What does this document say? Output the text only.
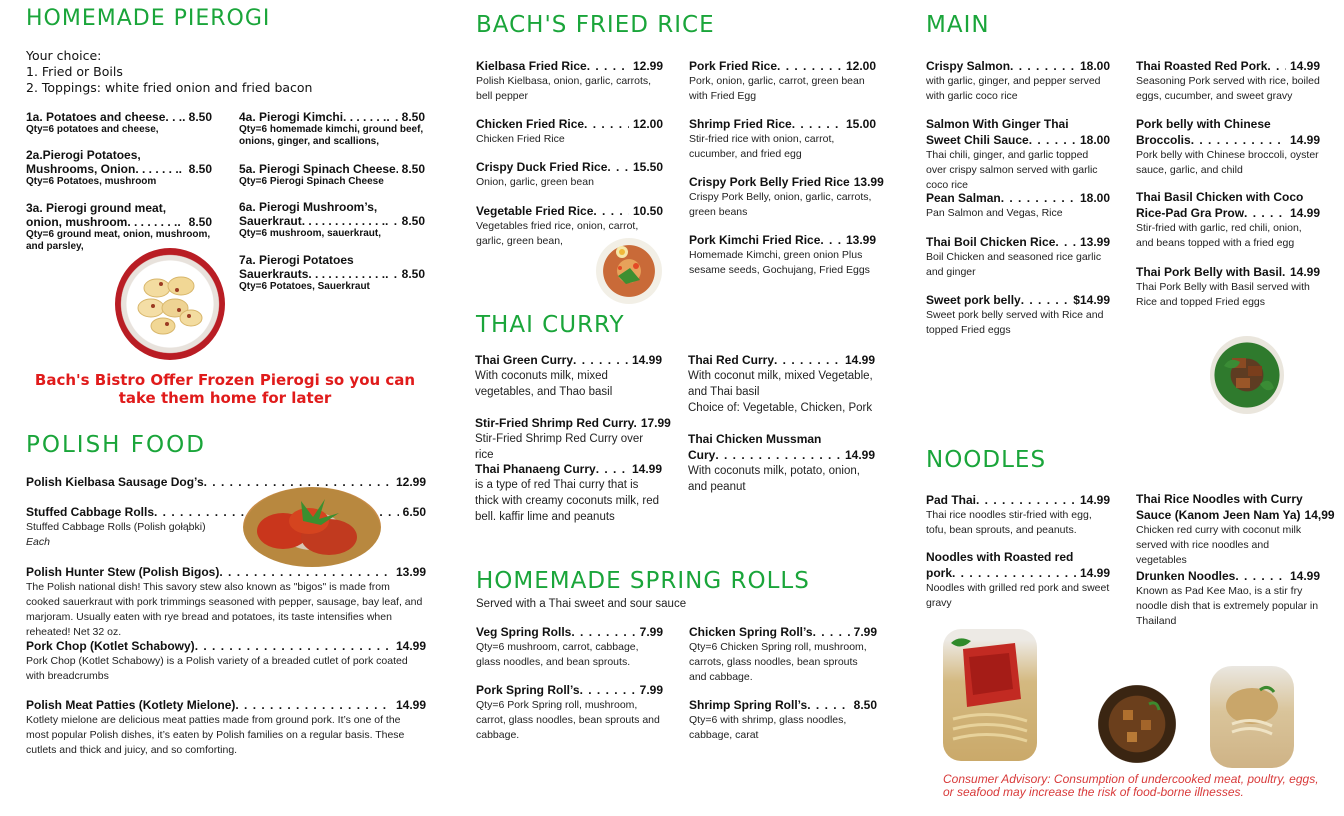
HOMEMADE PIEROGI
Your choice:
1. Fried or Boils
2. Toppings: white fried onion and fried bacon
1a. Potatoes and cheese. . . . . . 8.50
Qty=6 potatoes and cheese,
2a.Pierogi Potatoes,
Mushrooms, Onion. . . . . . . . . . 8.50
Qty=6 Potatoes, mushroom
3a. Pierogi ground meat,
onion, mushroom. . . . . . . . . . . 8.50
Qty=6 ground meat, onion, mushroom, and parsley,
4a. Pierogi Kimchi. . . . . . . . . .	8.50
Qty=6 homemade kimchi, ground beef, onions, ginger, and scallions,
5a. Pierogi Spinach Cheese . . . 8.50
Qty=6 Pierogi Spinach Cheese
6a. Pierogi Mushroom’s,
Sauerkraut. . . . . . . . . . . . . . . .	8.50
Qty=6 mushroom, sauerkraut,
7a. Pierogi Potatoes
Sauerkrauts. . . . . . . . . . . . . . .	8.50
Qty=6 Potatoes, Sauerkraut
Bach's Bistro Offer Frozen Pierogi so you can take them home for later
POLISH FOOD
Polish Kielbasa Sausage Dog’s . . .	12.99
Stuffed Cabbage Rolls . . .	6.50
Stuffed Cabbage Rolls (Polish gołąbki)
Each
Polish Hunter Stew (Polish Bigos) . . .	13.99
The Polish national dish! This savory stew also known as "bigos" is made from cooked sauerkraut with pork trimmings seasoned with pepper, sausage, bay leaf, and marjoram. Usually eaten with rye bread and potatoes, its taste intensifies when reheated! Net 32 oz.
Pork Chop (Kotlet Schabowy) . . .	14.99
Pork Chop (Kotlet Schabowy) is a Polish variety of a breaded cutlet of pork coated with breadcrumbs
Polish Meat Patties (Kotlety Mielone) . . .	14.99
Kotlety mielone are delicious meat patties made from ground pork. It’s one of the most popular Polish dishes, it’s eaten by Polish families on a regular basis. These cutlets and thick and juicy, and so comforting.
BACH'S FRIED RICE
Kielbasa Fried Rice . . .	12.99
Polish Kielbasa, onion, garlic, carrots, bell pepper
Chicken Fried Rice . . .	12.00
Chicken Fried Rice
Crispy Duck Fried Rice . . .	15.50
Onion, garlic, green bean
Vegetable Fried Rice . . .	10.50
Vegetables fried rice, onion, carrot, garlic, green bean,
Pork Fried Rice . . .	12.00
Pork, onion, garlic, carrot, green bean with Fried Egg
Shrimp Fried Rice . . .	15.00
Stir-fried rice with onion, carrot, cucumber, and fried egg
Crispy Pork Belly Fried Rice 13.99
Crispy Pork Belly, onion, garlic, carrots, green beans
Pork Kimchi Fried Rice . . .	13.99
Homemade Kimchi, green onion Plus sesame seeds, Gochujang, Fried Eggs
THAI CURRY
Thai Green Curry . . .	14.99
With coconuts milk, mixed vegetables, and Thao basil
Stir-Fried Shrimp Red Curry. 17.99
Stir-Fried Shrimp Red Curry over rice
Thai Phanaeng Curry . . .	14.99
is a type of red Thai curry that is thick with creamy coconuts milk, red bell. kaffir lime and peanuts
Thai Red Curry . . .	14.99
With coconut milk, mixed Vegetable, and Thai basil
Choice of: Vegetable, Chicken, Pork
Thai Chicken Mussman
Cury . . .	14.99
With coconuts milk, potato, onion, and peanut
HOMEMADE SPRING ROLLS
Served with a Thai sweet and sour sauce
Veg Spring Rolls . . .	7.99
Qty=6 mushroom, carrot, cabbage, glass noodles, and bean sprouts.
Pork Spring Roll’s . . .	7.99
Qty=6 Pork Spring roll, mushroom, carrot, glass noodles, bean sprouts and cabbage.
Chicken Spring Roll’s . . .	7.99
Qty=6 Chicken Spring roll, mushroom, carrots, glass noodles, bean sprouts and cabbage.
Shrimp Spring Roll’s . . .	8.50
Qty=6 with shrimp, glass noodles, cabbage, carat
MAIN
Crispy Salmon . . .	18.00
with garlic, ginger, and pepper served with garlic coco rice
Salmon With Ginger Thai
Sweet Chili Sauce . . .	18.00
Thai chili, ginger, and garlic topped over crispy salmon served with garlic coco rice
Pean Salman . . .	18.00
Pan Salmon and Vegas, Rice
Thai Boil Chicken Rice . . .	13.99
Boil Chicken and seasoned rice garlic and ginger
Sweet pork belly . . .	$14.99
Sweet pork belly served with Rice and topped Fried eggs
Thai Roasted Red Pork . . .	14.99
Seasoning Pork served with rice, boiled eggs, cucumber, and sweet gravy
Pork belly with Chinese
Broccolis . . .	14.99
Pork belly with Chinese broccoli, oyster sauce, garlic, and child
Thai Basil Chicken with Coco
Rice-Pad Gra Prow . . .	14.99
Stir-fried with garlic, red chili, onion, and beans topped with a fried egg
Thai Pork Belly with Basil . . . 14.99
Thai Pork Belly with Basil served with Rice and topped Fried eggs
NOODLES
Pad Thai . . .	14.99
Thai rice noodles stir-fried with egg, tofu, bean sprouts, and peanuts.
Noodles with Roasted red
pork . . .	14.99
Noodles with grilled red pork and sweet gravy
Thai Rice Noodles with Curry
Sauce (Kanom Jeen Nam Ya) 14,99
Chicken red curry with coconut milk served with rice noodles and vegetables
Drunken Noodles . . .	14.99
Known as Pad Kee Mao, is a stir fry noodle dish that is extremely popular in Thailand
Consumer Advisory: Consumption of undercooked meat, poultry, eggs, or seafood may increase the risk of food-borne illnesses.
